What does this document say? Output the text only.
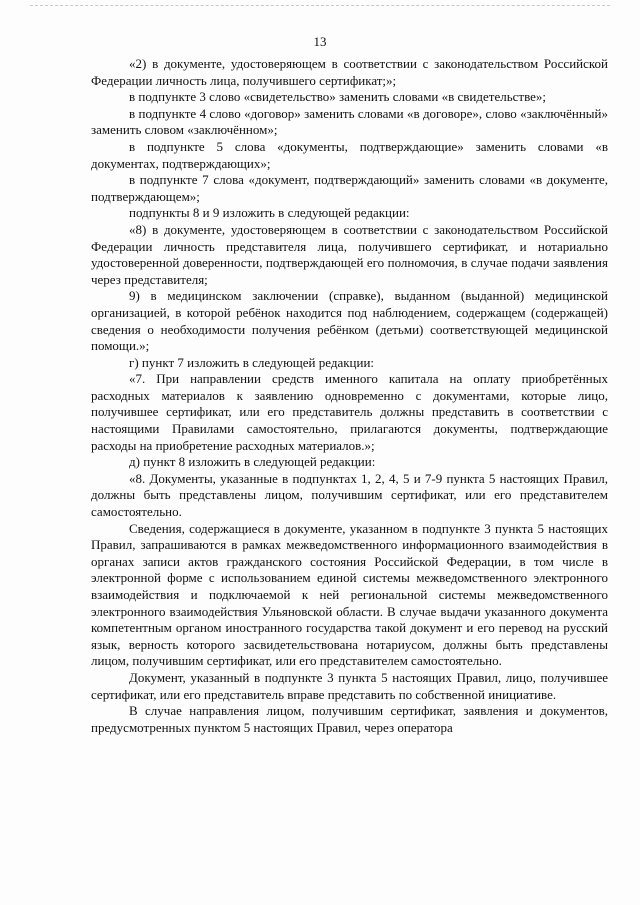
13

«2) в документе, удостоверяющем в соответствии с законодательством Российской Федерации личность лица, получившего сертификат;»;

в подпункте 3 слово «свидетельство» заменить словами «в свидетельстве»;

в подпункте 4 слово «договор» заменить словами «в договоре», слово «заключённый» заменить словом «заключённом»;

в подпункте 5 слова «документы, подтверждающие» заменить словами «в документах, подтверждающих»;

в подпункте 7 слова «документ, подтверждающий» заменить словами «в документе, подтверждающем»;

подпункты 8 и 9 изложить в следующей редакции:

«8) в документе, удостоверяющем в соответствии с законодательством Российской Федерации личность представителя лица, получившего сертификат, и нотариально удостоверенной доверенности, подтверждающей его полномочия, в случае подачи заявления через представителя;

9) в медицинском заключении (справке), выданном (выданной) медицинской организацией, в которой ребёнок находится под наблюдением, содержащем (содержащей) сведения о необходимости получения ребёнком (детьми) соответствующей медицинской помощи.»;

г) пункт 7 изложить в следующей редакции:

«7. При направлении средств именного капитала на оплату приобретённых расходных материалов к заявлению одновременно с документами, которые лицо, получившее сертификат, или его представитель должны представить в соответствии с настоящими Правилами самостоятельно, прилагаются документы, подтверждающие расходы на приобретение расходных материалов.»;

д) пункт 8 изложить в следующей редакции:

«8. Документы, указанные в подпунктах 1, 2, 4, 5 и 7-9 пункта 5 настоящих Правил, должны быть представлены лицом, получившим сертификат, или его представителем самостоятельно.

Сведения, содержащиеся в документе, указанном в подпункте 3 пункта 5 настоящих Правил, запрашиваются в рамках межведомственного информационного взаимодействия в органах записи актов гражданского состояния Российской Федерации, в том числе в электронной форме с использованием единой системы межведомственного электронного взаимодействия и подключаемой к ней региональной системы межведомственного электронного взаимодействия Ульяновской области. В случае выдачи указанного документа компетентным органом иностранного государства такой документ и его перевод на русский язык, верность которого засвидетельствована нотариусом, должны быть представлены лицом, получившим сертификат, или его представителем самостоятельно.

Документ, указанный в подпункте 3 пункта 5 настоящих Правил, лицо, получившее сертификат, или его представитель вправе представить по собственной инициативе.

В случае направления лицом, получившим сертификат, заявления и документов, предусмотренных пунктом 5 настоящих Правил, через оператора
